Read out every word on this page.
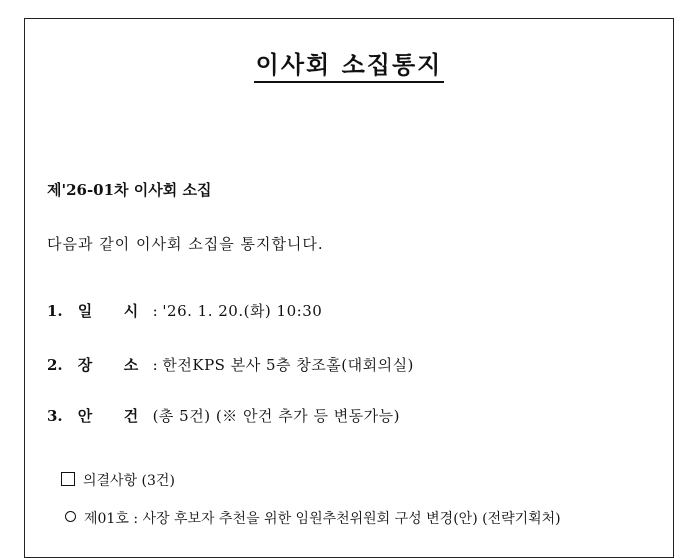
이사회 소집통지
제'26-01차 이사회 소집
다음과 같이 이사회 소집을 통지합니다.
1. 일 시 : '26. 1. 20.(화) 10:30
2. 장 소 : 한전KPS 본사 5층 창조홀(대회의실)
3. 안 건 (총 5건) (※ 안건 추가 등 변동가능)
의결사항 (3건)
제01호 : 사장 후보자 추천을 위한 임원추천위원회 구성 변경(안) (전략기획처)
